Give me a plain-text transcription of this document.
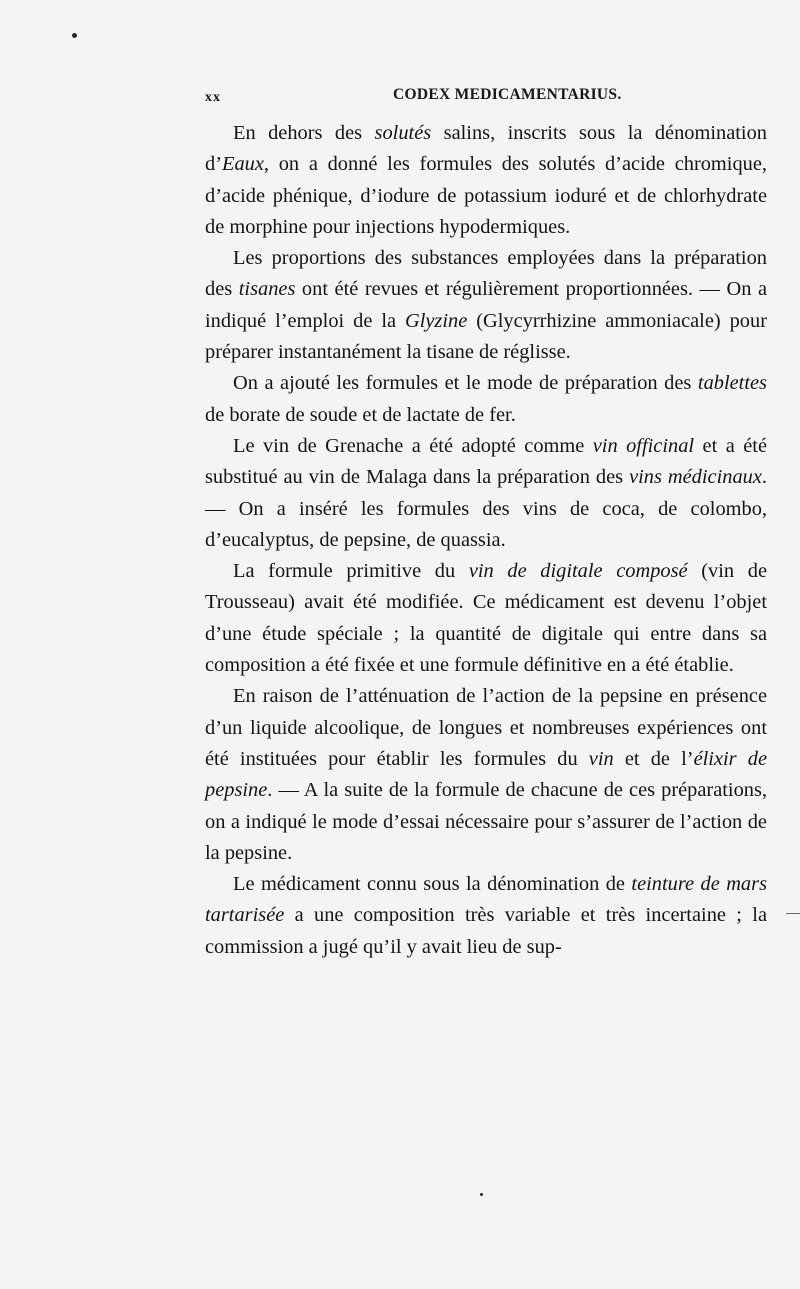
xx	CODEX MEDICAMENTARIUS.

En dehors des solutés salins, inscrits sous la dénomination d’Eaux, on a donné les formules des solutés d’acide chromique, d’acide phénique, d’iodure de potassium ioduré et de chlorhydrate de morphine pour injections hypodermiques.

Les proportions des substances employées dans la préparation des tisanes ont été revues et régulièrement proportionnées. — On a indiqué l’emploi de la Glyzine (Glycyrrhizine ammoniacale) pour préparer instantanément la tisane de réglisse.

On a ajouté les formules et le mode de préparation des tablettes de borate de soude et de lactate de fer.

Le vin de Grenache a été adopté comme vin officinal et a été substitué au vin de Malaga dans la préparation des vins médicinaux. — On a inséré les formules des vins de coca, de colombo, d’eucalyptus, de pepsine, de quassia.

La formule primitive du vin de digitale composé (vin de Trousseau) avait été modifiée. Ce médicament est devenu l’objet d’une étude spéciale ; la quantité de digitale qui entre dans sa composition a été fixée et une formule définitive en a été établie.

En raison de l’atténuation de l’action de la pepsine en présence d’un liquide alcoolique, de longues et nombreuses expériences ont été instituées pour établir les formules du vin et de l’élixir de pepsine. — A la suite de la formule de chacune de ces préparations, on a indiqué le mode d’essai nécessaire pour s’assurer de l’action de la pepsine.

Le médicament connu sous la dénomination de teinture de mars tartarisée a une composition très variable et très incertaine ; la commission a jugé qu’il y avait lieu de sup-
